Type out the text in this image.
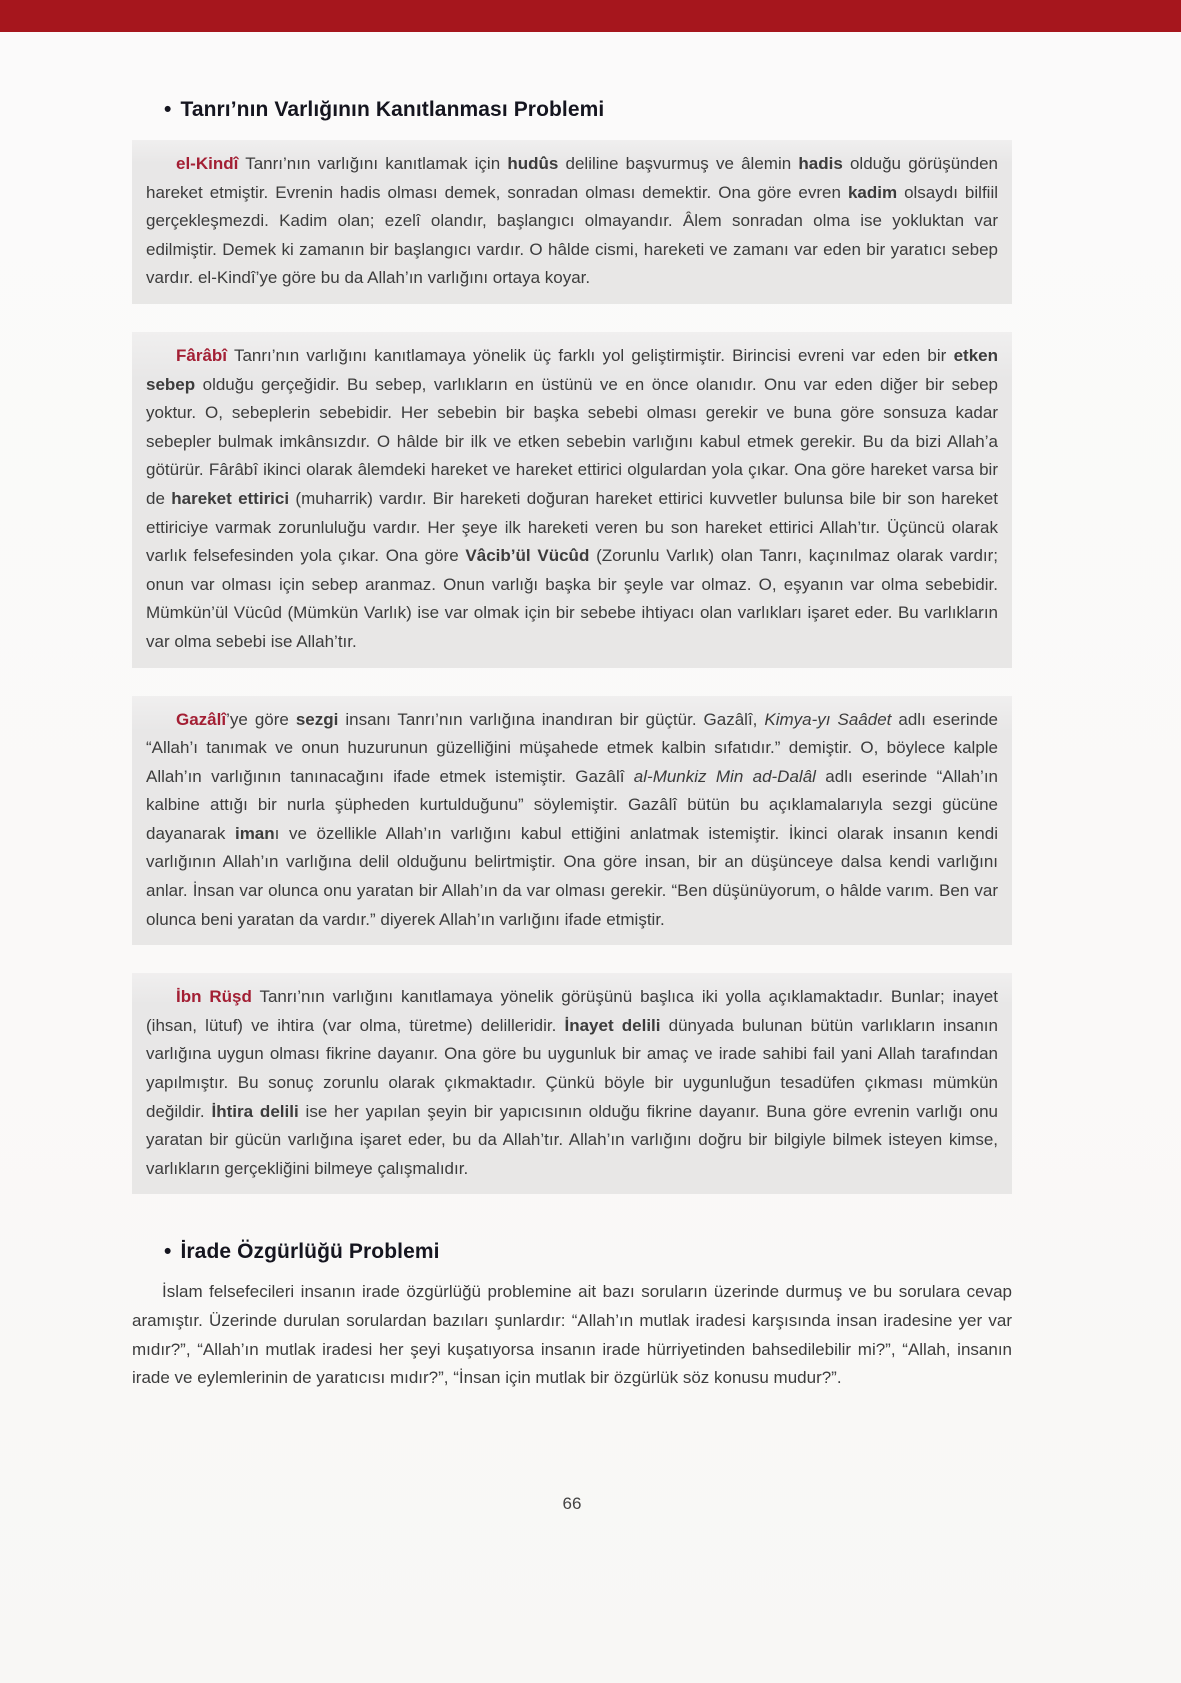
• Tanrı’nın Varlığının Kanıtlanması Problemi

el-Kindî Tanrı’nın varlığını kanıtlamak için hudûs deliline başvurmuş ve âlemin hadis olduğu görüşünden hareket etmiştir. Evrenin hadis olması demek, sonradan olması demektir. Ona göre evren kadim olsaydı bilfiil gerçekleşmezdi. Kadim olan; ezelî olandır, başlangıcı olmayandır. Âlem sonradan olma ise yokluktan var edilmiştir. Demek ki zamanın bir başlangıcı vardır. O hâlde cismi, hareketi ve zamanı var eden bir yaratıcı sebep vardır. el-Kindî’ye göre bu da Allah’ın varlığını ortaya koyar.

Fârâbî Tanrı’nın varlığını kanıtlamaya yönelik üç farklı yol geliştirmiştir. Birincisi evreni var eden bir etken sebep olduğu gerçeğidir. Bu sebep, varlıkların en üstünü ve en önce olanıdır. Onu var eden diğer bir sebep yoktur. O, sebeplerin sebebidir. Her sebebin bir başka sebebi olması gerekir ve buna göre sonsuza kadar sebepler bulmak imkânsızdır. O hâlde bir ilk ve etken sebebin varlığını kabul etmek gerekir. Bu da bizi Allah’a götürür. Fârâbî ikinci olarak âlemdeki hareket ve hareket ettirici olgulardan yola çıkar. Ona göre hareket varsa bir de hareket ettirici (muharrik) vardır. Bir hareketi doğuran hareket ettirici kuvvetler bulunsa bile bir son hareket ettiriciye varmak zorunluluğu vardır. Her şeye ilk hareketi veren bu son hareket ettirici Allah’tır. Üçüncü olarak varlık felsefesinden yola çıkar. Ona göre Vâcib’ül Vücûd (Zorunlu Varlık) olan Tanrı, kaçınılmaz olarak vardır; onun var olması için sebep aranmaz. Onun varlığı başka bir şeyle var olmaz. O, eşyanın var olma sebebidir. Mümkün’ül Vücûd (Mümkün Varlık) ise var olmak için bir sebebe ihtiyacı olan varlıkları işaret eder. Bu varlıkların var olma sebebi ise Allah’tır.

Gazâlî’ye göre sezgi insanı Tanrı’nın varlığına inandıran bir güçtür. Gazâlî, Kimya-yı Saâdet adlı eserinde “Allah’ı tanımak ve onun huzurunun güzelliğini müşahede etmek kalbin sıfatıdır.” demiştir. O, böylece kalple Allah’ın varlığının tanınacağını ifade etmek istemiştir. Gazâlî al-Munkiz Min ad-Dalâl adlı eserinde “Allah’ın kalbine attığı bir nurla şüpheden kurtulduğunu” söylemiştir. Gazâlî bütün bu açıklamalarıyla sezgi gücüne dayanarak imanı ve özellikle Allah’ın varlığını kabul ettiğini anlatmak istemiştir. İkinci olarak insanın kendi varlığının Allah’ın varlığına delil olduğunu belirtmiştir. Ona göre insan, bir an düşünceye dalsa kendi varlığını anlar. İnsan var olunca onu yaratan bir Allah’ın da var olması gerekir. “Ben düşünüyorum, o hâlde varım. Ben var olunca beni yaratan da vardır.” diyerek Allah’ın varlığını ifade etmiştir.

İbn Rüşd Tanrı’nın varlığını kanıtlamaya yönelik görüşünü başlıca iki yolla açıklamaktadır. Bunlar; inayet (ihsan, lütuf) ve ihtira (var olma, türetme) delilleridir. İnayet delili dünyada bulunan bütün varlıkların insanın varlığına uygun olması fikrine dayanır. Ona göre bu uygunluk bir amaç ve irade sahibi fail yani Allah tarafından yapılmıştır. Bu sonuç zorunlu olarak çıkmaktadır. Çünkü böyle bir uygunluğun tesadüfen çıkması mümkün değildir. İhtira delili ise her yapılan şeyin bir yapıcısının olduğu fikrine dayanır. Buna göre evrenin varlığı onu yaratan bir gücün varlığına işaret eder, bu da Allah’tır. Allah’ın varlığını doğru bir bilgiyle bilmek isteyen kimse, varlıkların gerçekliğini bilmeye çalışmalıdır.

• İrade Özgürlüğü Problemi

İslam felsefecileri insanın irade özgürlüğü problemine ait bazı soruların üzerinde durmuş ve bu sorulara cevap aramıştır. Üzerinde durulan sorulardan bazıları şunlardır: “Allah’ın mutlak iradesi karşısında insan iradesine yer var mıdır?”, “Allah’ın mutlak iradesi her şeyi kuşatıyorsa insanın irade hürriyetinden bahsedilebilir mi?”, “Allah, insanın irade ve eylemlerinin de yaratıcısı mıdır?”, “İnsan için mutlak bir özgürlük söz konusu mudur?”.

66
